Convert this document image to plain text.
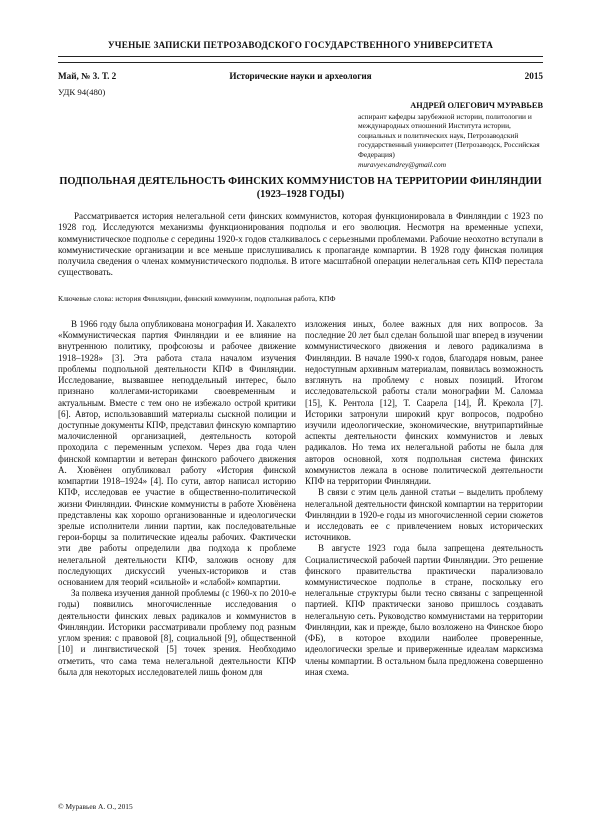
УЧЕНЫЕ ЗАПИСКИ ПЕТРОЗАВОДСКОГО ГОСУДАРСТВЕННОГО УНИВЕРСИТЕТА
Май, № 3. Т. 2	Исторические науки и археология	2015
УДК 94(480)
АНДРЕЙ ОЛЕГОВИЧ МУРАВЬЕВ
аспирант кафедры зарубежной истории, политологии и международных отношений Института истории, социальных и политических наук, Петрозаводский государственный университет (Петрозаводск, Российская Федерация)
muravyev.andrey@gmail.com
ПОДПОЛЬНАЯ ДЕЯТЕЛЬНОСТЬ ФИНСКИХ КОММУНИСТОВ НА ТЕРРИТОРИИ ФИНЛЯНДИИ (1923–1928 ГОДЫ)

Рассматривается история нелегальной сети финских коммунистов, которая функционировала в Финляндии с 1923 по 1928 год. Исследуются механизмы функционирования подполья и его эволюция. Несмотря на временные успехи, коммунистическое подполье с середины 1920-х годов сталкивалось с серьезными проблемами. Рабочие неохотно вступали в коммунистические организации и все меньше прислушивались к пропаганде компартии. В 1928 году финская полиция получила сведения о членах коммунистического подполья. В итоге масштабной операции нелегальная сеть КПФ перестала существовать.

Ключевые слова: история Финляндии, финский коммунизм, подпольная работа, КПФ

В 1966 году была опубликована монография И. Хакалехто «Коммунистическая партия Финляндии и ее влияние на внутреннюю политику, профсоюзы и рабочее движение 1918–1928» [3]. Эта работа стала началом изучения проблемы подпольной деятельности КПФ в Финляндии. Исследование, вызвавшее неподдельный интерес, было признано коллегами-историками своевременным и актуальным. Вместе с тем оно не избежало острой критики [6]. Автор, использовавший материалы сыскной полиции и доступные документы КПФ, представил финскую компартию малочисленной организацией, деятельность которой проходила с переменным успехом. Через два года член финской компартии и ветеран финского рабочего движения А. Хювёнен опубликовал работу «История финской компартии 1918–1924» [4]. По сути, автор написал историю КПФ, исследовав ее участие в общественно-политической жизни Финляндии. Финские коммунисты в работе Хювёнена представлены как хорошо организованные и идеологически зрелые исполнители линии партии, как последовательные герои-борцы за политические идеалы рабочих. Фактически эти две работы определили два подхода к проблеме нелегальной деятельности КПФ, заложив основу для последующих дискуссий ученых-историков и став основанием для теорий «сильной» и «слабой» компартии.

За полвека изучения данной проблемы (с 1960-х по 2010-е годы) появились многочисленные исследования о деятельности финских левых радикалов и коммунистов в Финляндии. Историки рассматривали проблему под разным углом зрения: с правовой [8], социальной [9], общественной [10] и лингвистической [5] точек зрения. Необходимо отметить, что сама тема нелегальной деятельности КПФ была для некоторых исследователей лишь фоном для

изложения иных, более важных для них вопросов. За последние 20 лет был сделан большой шаг вперед в изучении коммунистического движения и левого радикализма в Финляндии. В начале 1990-х годов, благодаря новым, ранее недоступным архивным материалам, появилась возможность взглянуть на проблему с новых позиций. Итогом исследовательской работы стали монографии М. Саломаа [15], К. Рентола [12], Т. Саарела [14], Й. Крекола [7]. Историки затронули широкий круг вопросов, подробно изучили идеологические, экономические, внутрипартийные аспекты деятельности финских коммунистов и левых радикалов. Но тема их нелегальной работы не была для авторов основной, хотя подпольная система финских коммунистов лежала в основе политической деятельности КПФ на территории Финляндии.

В связи с этим цель данной статьи – выделить проблему нелегальной деятельности финской компартии на территории Финляндии в 1920-е годы из многочисленной серии сюжетов и исследовать ее с привлечением новых исторических источников.

В августе 1923 года была запрещена деятельность Социалистической рабочей партии Финляндии. Это решение финского правительства практически парализовало коммунистическое подполье в стране, поскольку его нелегальные структуры были тесно связаны с запрещенной партией. КПФ практически заново пришлось создавать нелегальную сеть. Руководство коммунистами на территории Финляндии, как и прежде, было возложено на Финское бюро (ФБ), в которое входили наиболее проверенные, идеологически зрелые и приверженные идеалам марксизма члены компартии. В остальном была предложена совершенно иная схема.

© Муравьев А. О., 2015
